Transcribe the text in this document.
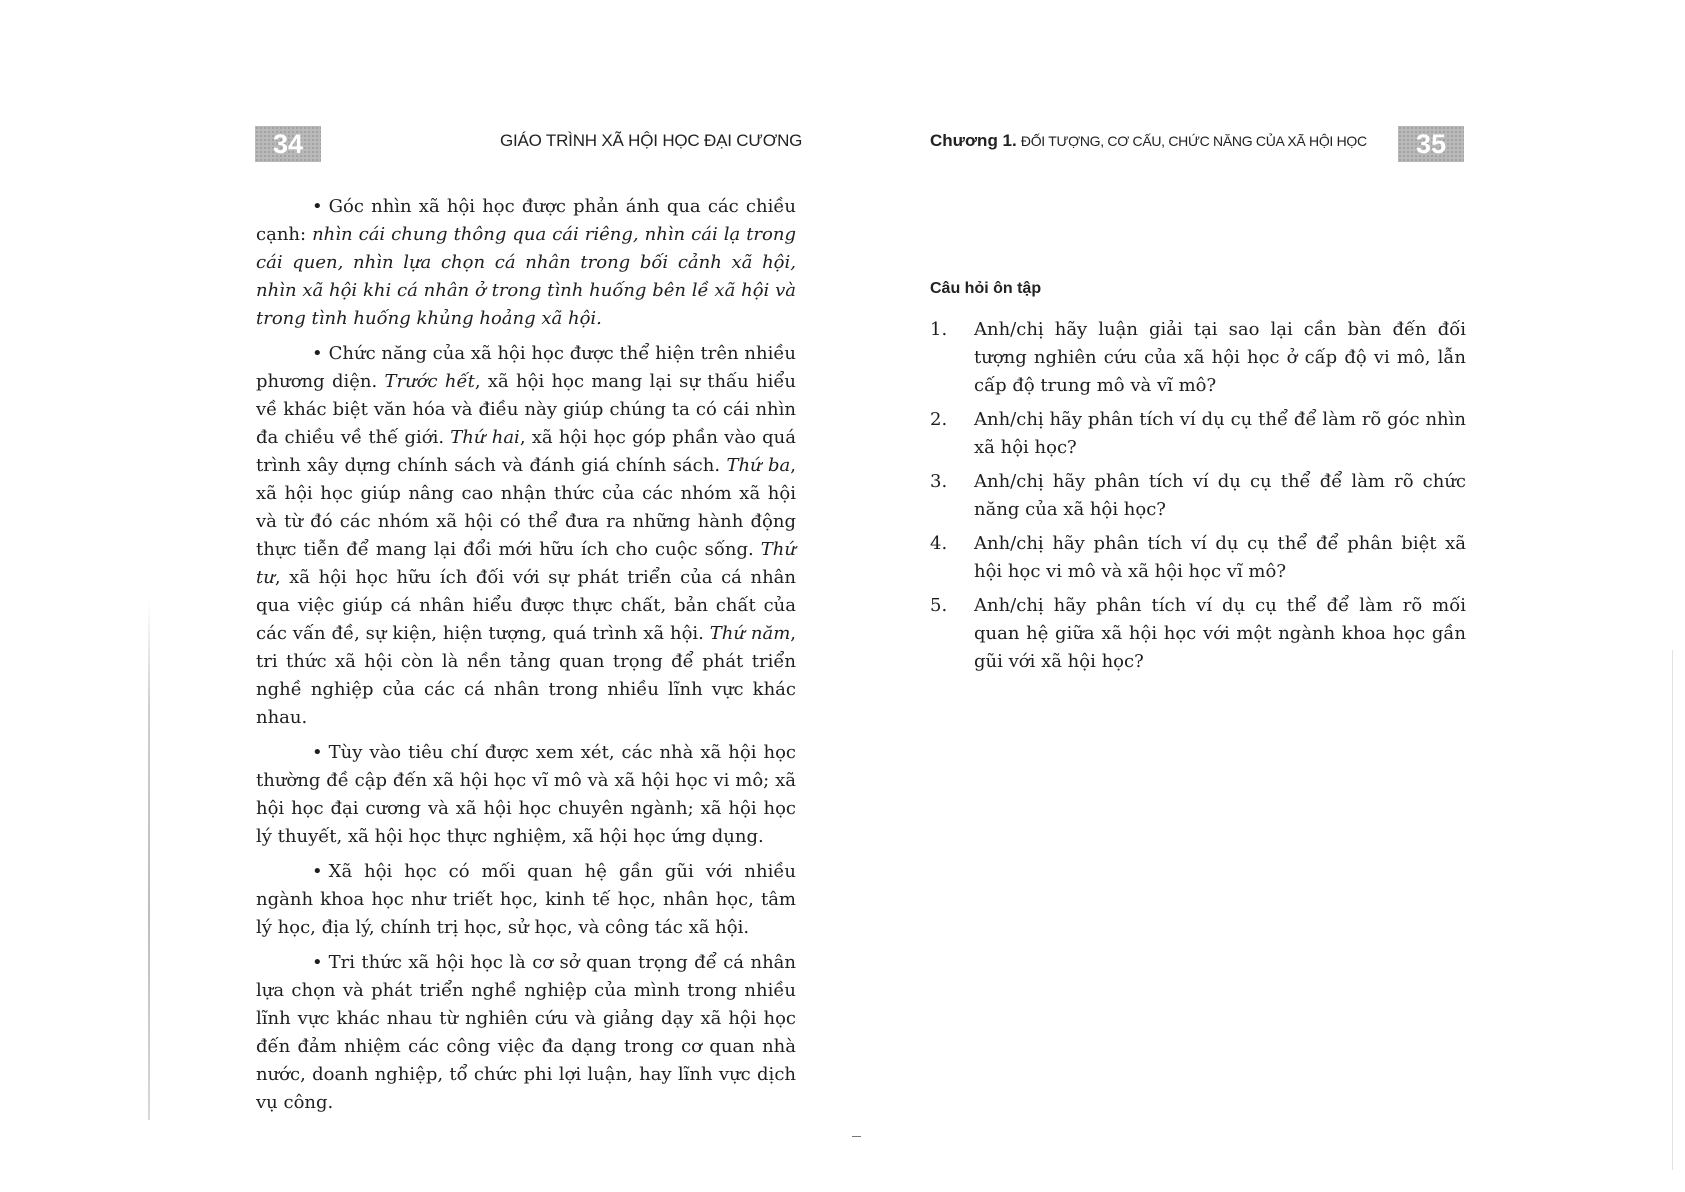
34	GIÁO TRÌNH XÃ HỘI HỌC ĐẠI CƯƠNG

• Góc nhìn xã hội học được phản ánh qua các chiều cạnh: nhìn cái chung thông qua cái riêng, nhìn cái lạ trong cái quen, nhìn lựa chọn cá nhân trong bối cảnh xã hội, nhìn xã hội khi cá nhân ở trong tình huống bên lề xã hội và trong tình huống khủng hoảng xã hội.

• Chức năng của xã hội học được thể hiện trên nhiều phương diện. Trước hết, xã hội học mang lại sự thấu hiểu về khác biệt văn hóa và điều này giúp chúng ta có cái nhìn đa chiều về thế giới. Thứ hai, xã hội học góp phần vào quá trình xây dựng chính sách và đánh giá chính sách. Thứ ba, xã hội học giúp nâng cao nhận thức của các nhóm xã hội và từ đó các nhóm xã hội có thể đưa ra những hành động thực tiễn để mang lại đổi mới hữu ích cho cuộc sống. Thứ tư, xã hội học hữu ích đối với sự phát triển của cá nhân qua việc giúp cá nhân hiểu được thực chất, bản chất của các vấn đề, sự kiện, hiện tượng, quá trình xã hội. Thứ năm, tri thức xã hội còn là nền tảng quan trọng để phát triển nghề nghiệp của các cá nhân trong nhiều lĩnh vực khác nhau.

• Tùy vào tiêu chí được xem xét, các nhà xã hội học thường đề cập đến xã hội học vĩ mô và xã hội học vi mô; xã hội học đại cương và xã hội học chuyên ngành; xã hội học lý thuyết, xã hội học thực nghiệm, xã hội học ứng dụng.

• Xã hội học có mối quan hệ gần gũi với nhiều ngành khoa học như triết học, kinh tế học, nhân học, tâm lý học, địa lý, chính trị học, sử học, và công tác xã hội.

• Tri thức xã hội học là cơ sở quan trọng để cá nhân lựa chọn và phát triển nghề nghiệp của mình trong nhiều lĩnh vực khác nhau từ nghiên cứu và giảng dạy xã hội học đến đảm nhiệm các công việc đa dạng trong cơ quan nhà nước, doanh nghiệp, tổ chức phi lợi luận, hay lĩnh vực dịch vụ công.

Chương 1. ĐỐI TƯỢNG, CƠ CẤU, CHỨC NĂNG CỦA XÃ HỘI HỌC	35
Câu hỏi ôn tập
1. Anh/chị hãy luận giải tại sao lại cần bàn đến đối tượng nghiên cứu của xã hội học ở cấp độ vi mô, lẫn cấp độ trung mô và vĩ mô?
2. Anh/chị hãy phân tích ví dụ cụ thể để làm rõ góc nhìn xã hội học?
3. Anh/chị hãy phân tích ví dụ cụ thể để làm rõ chức năng của xã hội học?
4. Anh/chị hãy phân tích ví dụ cụ thể để phân biệt xã hội học vi mô và xã hội học vĩ mô?
5. Anh/chị hãy phân tích ví dụ cụ thể để làm rõ mối quan hệ giữa xã hội học với một ngành khoa học gần gũi với xã hội học?
